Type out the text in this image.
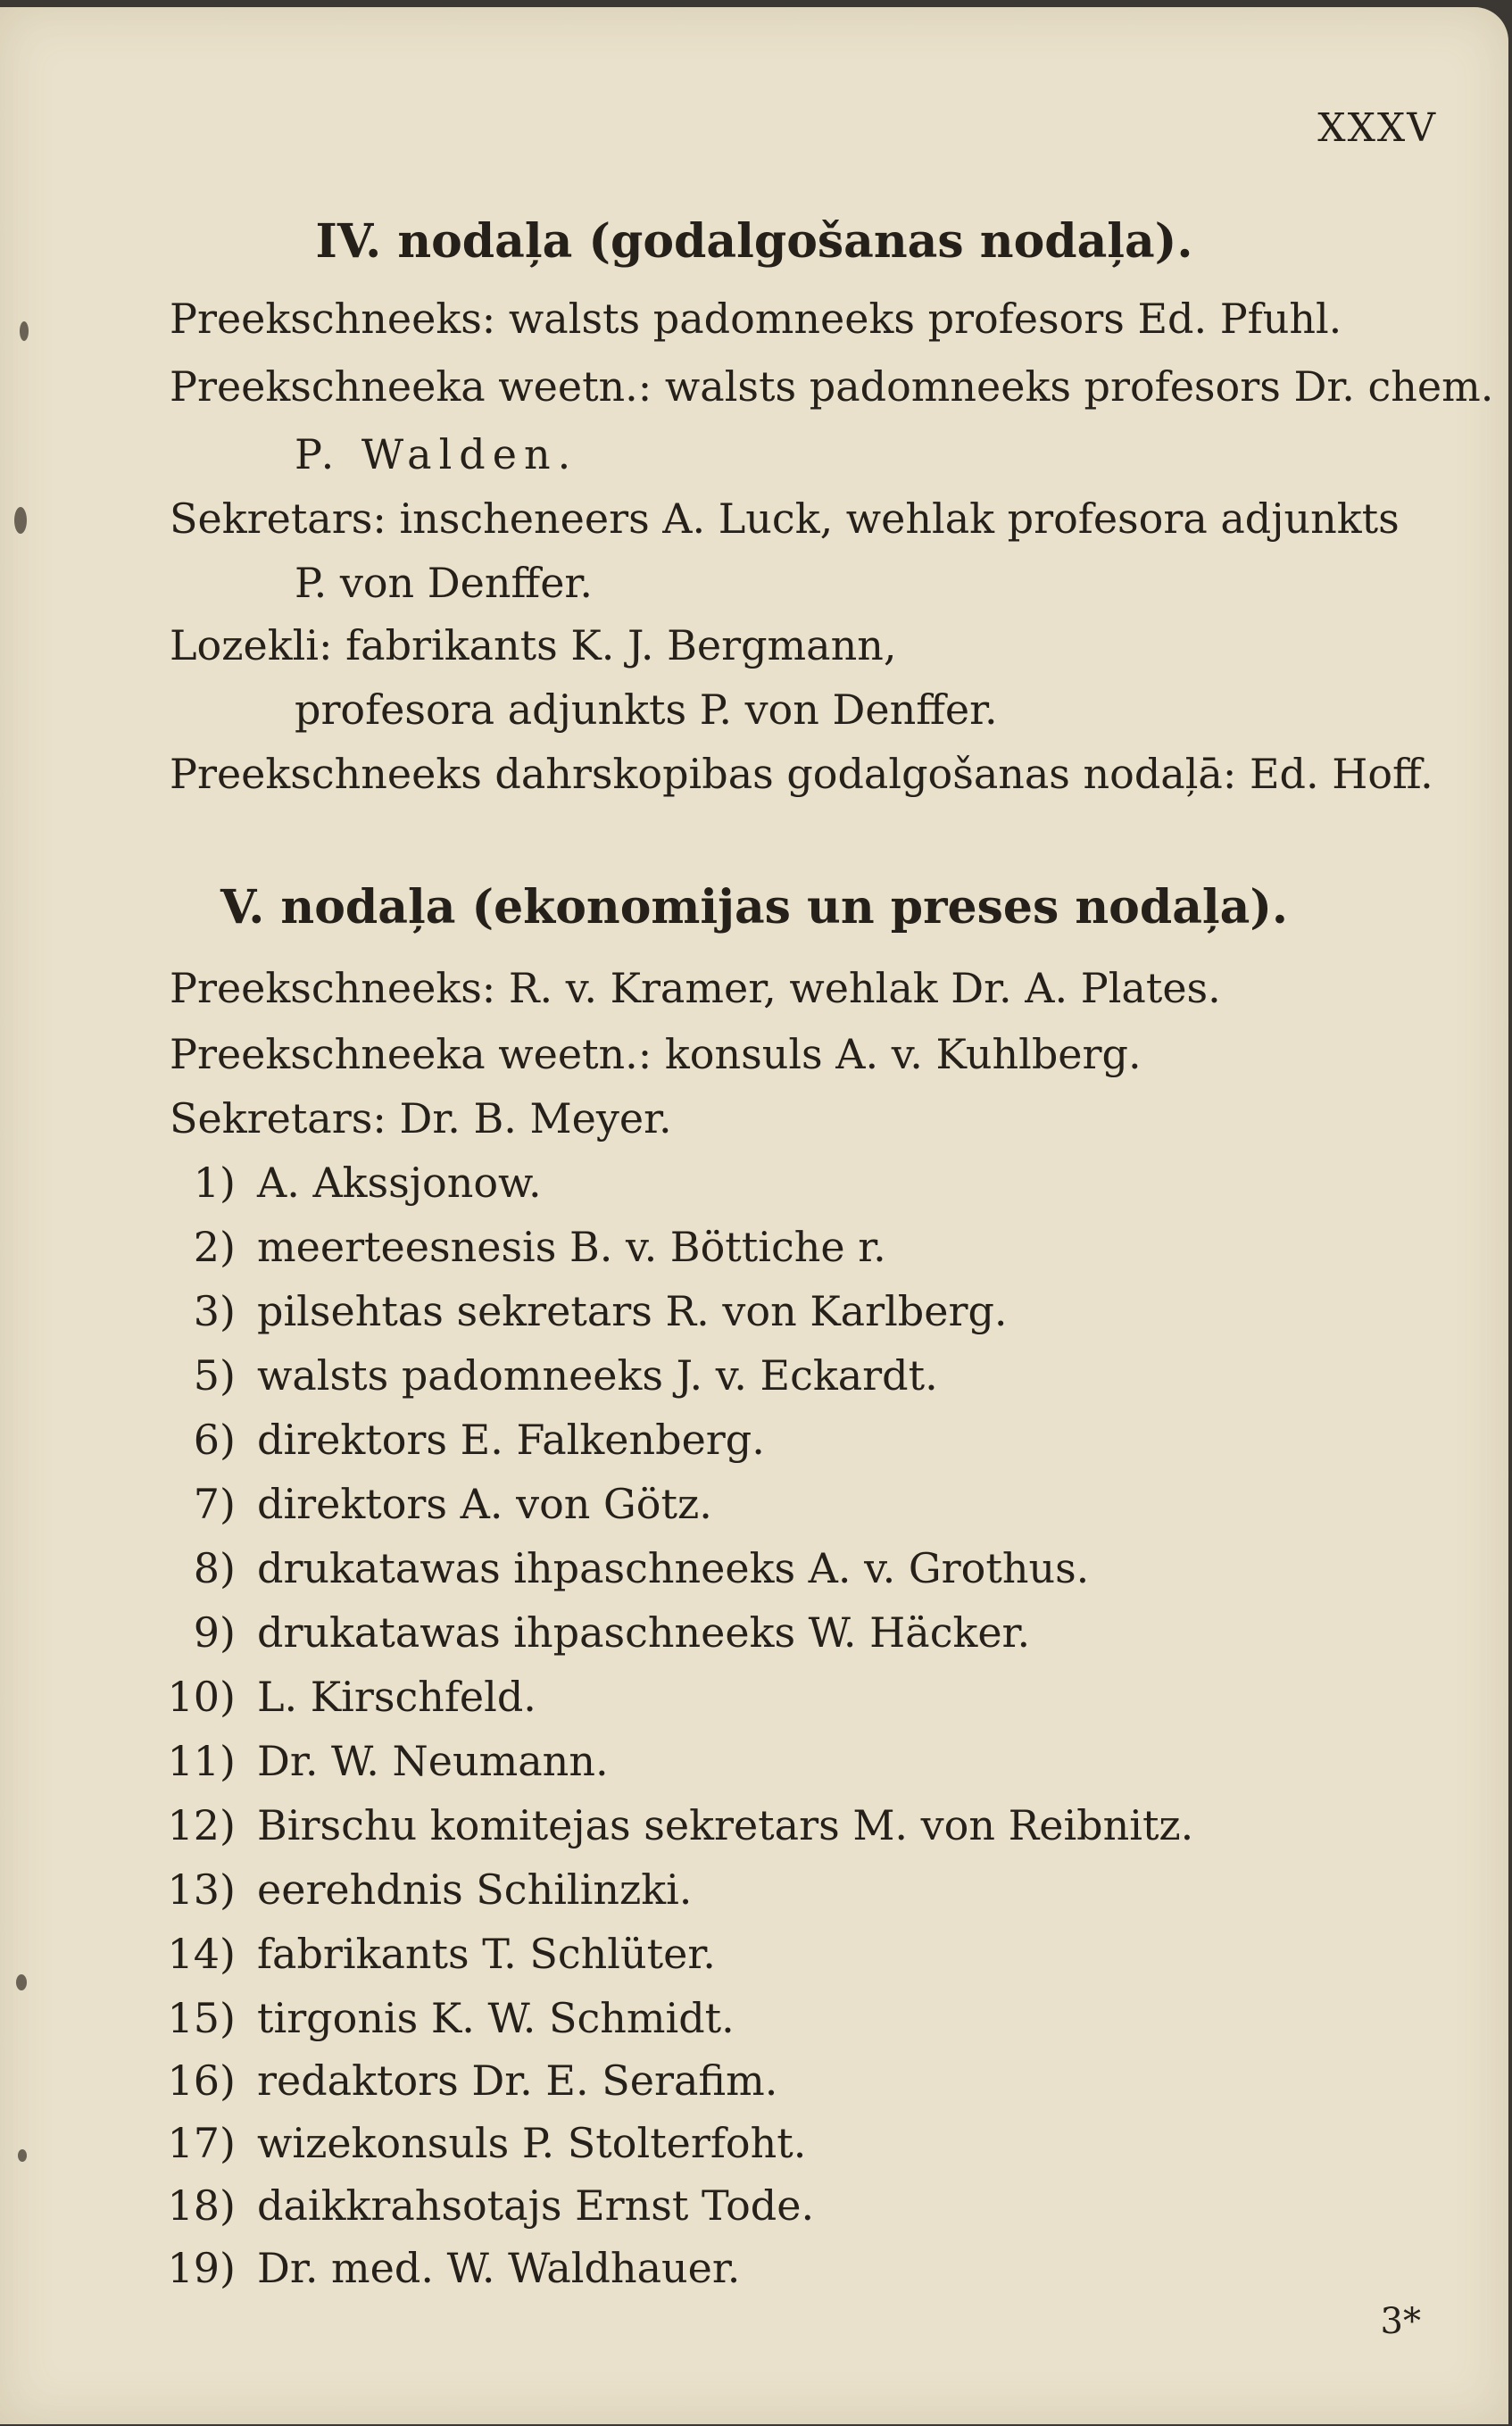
XXXV
IV. nodaļa (godalgošanas nodaļa).
Preekschneeks: walsts padomneeks profesors Ed. Pfuhl.
Preekschneeka weetn.: walsts padomneeks profesors Dr. chem.
P. Walden.
Sekretars: inscheneers A. Luck, wehlak profesora adjunkts
P. von Denffer.
Lozekli: fabrikants K. J. Bergmann,
profesora adjunkts P. von Denffer.
Preekschneeks dahrskopibas godalgošanas nodaļā: Ed. Hoff.
V. nodaļa (ekonomijas un preses nodaļa).
Preekschneeks: R. v. Kramer, wehlak Dr. A. Plates.
Preekschneeka weetn.: konsuls A. v. Kuhlberg.
Sekretars: Dr. B. Meyer.
1) A. Akssjonow.
2) meerteesnesis B. v. Böttiche r.
3) pilsehtas sekretars R. von Karlberg.
5) walsts padomneeks J. v. Eckardt.
6) direktors E. Falkenberg.
7) direktors A. von Götz.
8) drukatawas ihpaschneeks A. v. Grothus.
9) drukatawas ihpaschneeks W. Häcker.
10) L. Kirschfeld.
11) Dr. W. Neumann.
12) Birschu komitejas sekretars M. von Reibnitz.
13) eerehdnis Schilinzki.
14) fabrikants T. Schlüter.
15) tirgonis K. W. Schmidt.
16) redaktors Dr. E. Serafim.
17) wizekonsuls P. Stolterfoht.
18) daikkrahsotajs Ernst Tode.
19) Dr. med. W. Waldhauer.
3*
